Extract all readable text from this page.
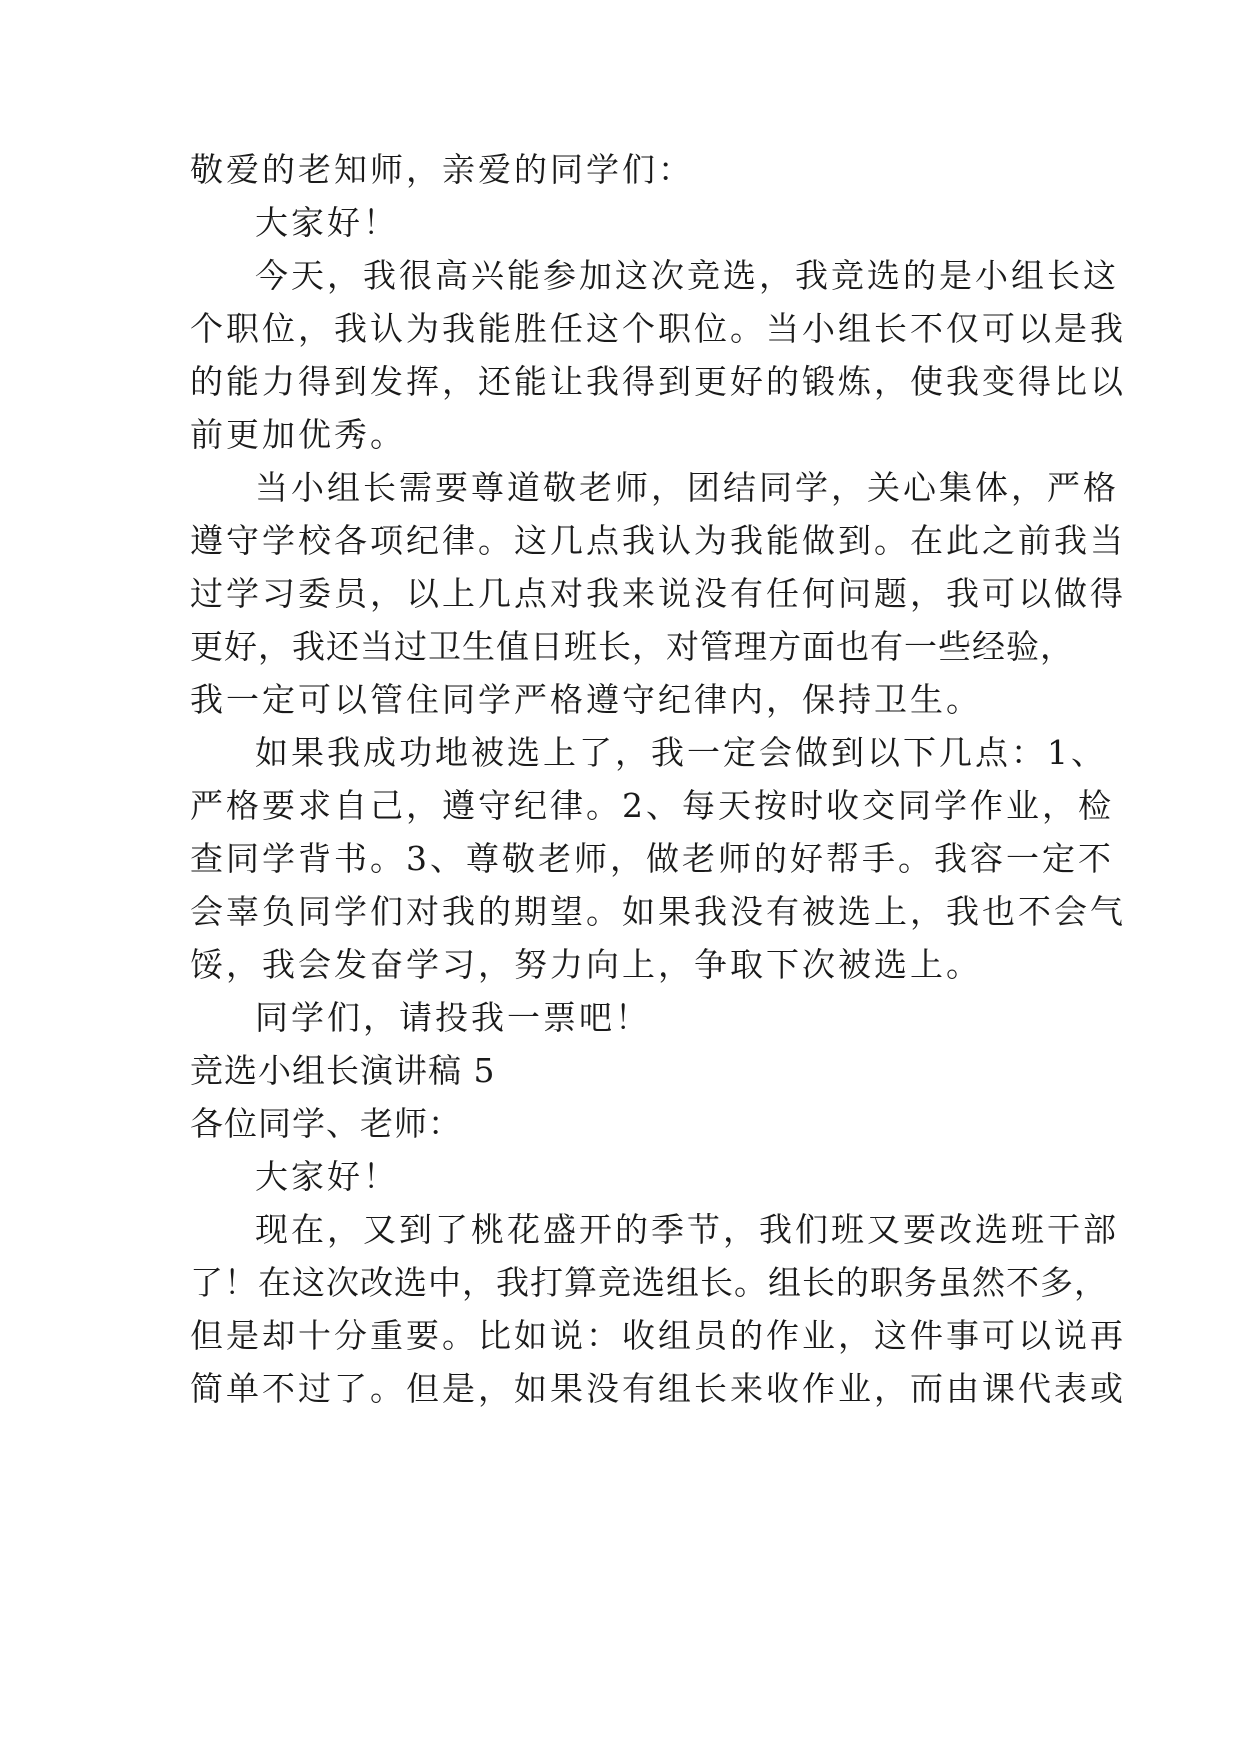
敬爱的老知师，亲爱的同学们：
大家好！
今天，我很高兴能参加这次竞选，我竞选的是小组长这
个职位，我认为我能胜任这个职位。当小组长不仅可以是我
的能力得到发挥，还能让我得到更好的锻炼，使我变得比以
前更加优秀。
当小组长需要尊道敬老师，团结同学，关心集体，严格
遵守学校各项纪律。这几点我认为我能做到。在此之前我当
过学习委员，以上几点对我来说没有任何问题，我可以做得
更好，我还当过卫生值日班长，对管理方面也有一些经验，
我一定可以管住同学严格遵守纪律内，保持卫生。
如果我成功地被选上了，我一定会做到以下几点：1、
严格要求自己，遵守纪律。2、每天按时收交同学作业，检
查同学背书。3、尊敬老师，做老师的好帮手。我容一定不
会辜负同学们对我的期望。如果我没有被选上，我也不会气
馁，我会发奋学习，努力向上，争取下次被选上。
同学们，请投我一票吧！
竞选小组长演讲稿 5
各位同学、老师：
大家好！
现在，又到了桃花盛开的季节，我们班又要改选班干部
了！在这次改选中，我打算竞选组长。组长的职务虽然不多，
但是却十分重要。比如说：收组员的作业，这件事可以说再
简单不过了。但是，如果没有组长来收作业，而由课代表或
